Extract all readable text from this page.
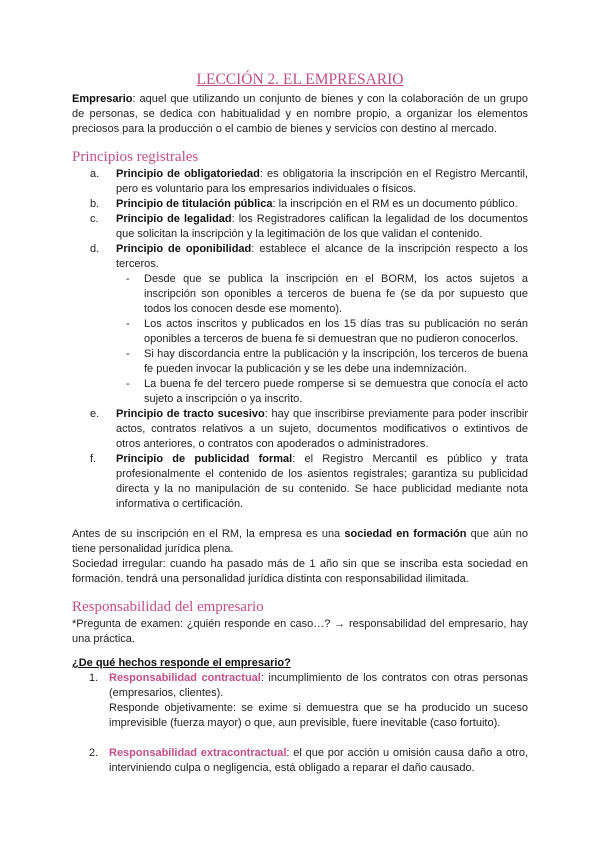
LECCIÓN 2. EL EMPRESARIO

Empresario: aquel que utilizando un conjunto de bienes y con la colaboración de un grupo de personas, se dedica con habitualidad y en nombre propio, a organizar los elementos preciosos para la producción o el cambio de bienes y servicios con destino al mercado.

Principios registrales
a. Principio de obligatoriedad: es obligatoria la inscripción en el Registro Mercantil, pero es voluntario para los empresarios individuales o físicos.
b. Principio de titulación pública: la inscripción en el RM es un documento público.
c. Principio de legalidad: los Registradores califican la legalidad de los documentos que solicitan la inscripción y la legitimación de los que validan el contenido.
d. Principio de oponibilidad: establece el alcance de la inscripción respecto a los terceros.
- Desde que se publica la inscripción en el BORM, los actos sujetos a inscripción son oponibles a terceros de buena fe (se da por supuesto que todos los conocen desde ese momento).
- Los actos inscritos y publicados en los 15 días tras su publicación no serán oponibles a terceros de buena fe si demuestran que no pudieron conocerlos.
- Si hay discordancia entre la publicación y la inscripción, los terceros de buena fe pueden invocar la publicación y se les debe una indemnización.
- La buena fe del tercero puede romperse si se demuestra que conocía el acto sujeto a inscripción o ya inscrito.
e. Principio de tracto sucesivo: hay que inscribirse previamente para poder inscribir actos, contratos relativos a un sujeto, documentos modificativos o extintivos de otros anteriores, o contratos con apoderados o administradores.
f. Principio de publicidad formal: el Registro Mercantil es público y trata profesionalmente el contenido de los asientos registrales; garantiza su publicidad directa y la no manipulación de su contenido. Se hace publicidad mediante nota informativa o certificación.

Antes de su inscripción en el RM, la empresa es una sociedad en formación que aún no tiene personalidad jurídica plena.

Sociedad irregular: cuando ha pasado más de 1 año sin que se inscriba esta sociedad en formación. tendrá una personalidad jurídica distinta con responsabilidad ilimitada.

Responsabilidad del empresario

*Pregunta de examen: ¿quién responde en caso…? → responsabilidad del empresario, hay una práctica.

¿De qué hechos responde el empresario?

1. Responsabilidad contractual: incumplimiento de los contratos con otras personas (empresarios, clientes).
Responde objetivamente: se exime si demuestra que se ha producido un suceso imprevisible (fuerza mayor) o que, aun previsible, fuere inevitable (caso fortuito).
2. Responsabilidad extracontractual: el que por acción u omisión causa daño a otro, interviniendo culpa o negligencia, está obligado a reparar el daño causado.
